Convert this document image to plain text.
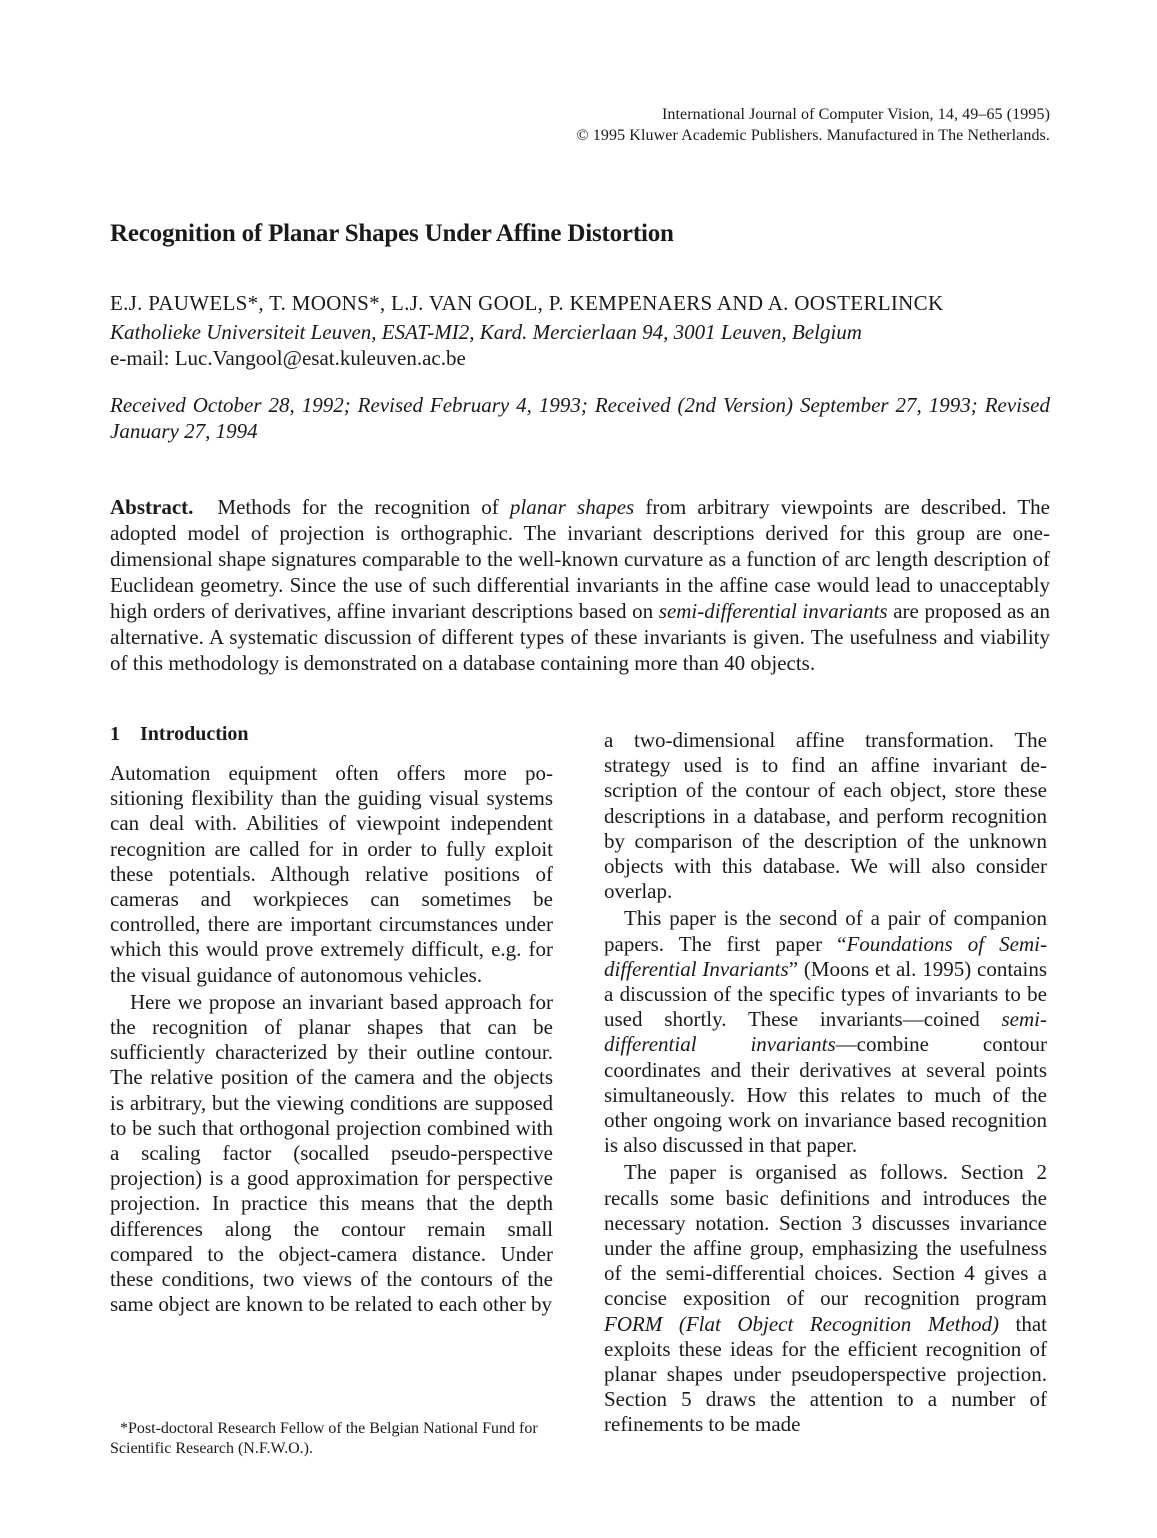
International Journal of Computer Vision, 14, 49–65 (1995)
© 1995 Kluwer Academic Publishers. Manufactured in The Netherlands.
Recognition of Planar Shapes Under Affine Distortion
E.J. PAUWELS*, T. MOONS*, L.J. VAN GOOL, P. KEMPENAERS AND A. OOSTERLINCK
Katholieke Universiteit Leuven, ESAT-MI2, Kard. Mercierlaan 94, 3001 Leuven, Belgium
e-mail: Luc.Vangool@esat.kuleuven.ac.be
Received October 28, 1992; Revised February 4, 1993; Received (2nd Version) September 27, 1993; Revised January 27, 1994
Abstract. Methods for the recognition of planar shapes from arbitrary viewpoints are described. The adopted model of projection is orthographic. The invariant descriptions derived for this group are one-dimensional shape signatures comparable to the well-known curvature as a function of arc length description of Euclidean geometry. Since the use of such differential invariants in the affine case would lead to unacceptably high orders of derivatives, affine invariant descriptions based on semi-differential invariants are proposed as an alternative. A systematic discussion of different types of these invariants is given. The usefulness and viability of this methodology is demonstrated on a database containing more than 40 objects.
1 Introduction

Automation equipment often offers more positioning flexibility than the guiding visual systems can deal with. Abilities of viewpoint independent recognition are called for in order to fully exploit these potentials. Although relative positions of cameras and workpieces can sometimes be controlled, there are important circumstances under which this would prove extremely difficult, e.g. for the visual guidance of autonomous vehicles.

Here we propose an invariant based approach for the recognition of planar shapes that can be sufficiently characterized by their outline contour. The relative position of the camera and the objects is arbitrary, but the viewing conditions are supposed to be such that orthogonal projection combined with a scaling factor (socalled pseudo-perspective projection) is a good approximation for perspective projection. In practice this means that the depth differences along the contour remain small compared to the object-camera distance. Under these conditions, two views of the contours of the same object are known to be related to each other by

a two-dimensional affine transformation. The strategy used is to find an affine invariant description of the contour of each object, store these descriptions in a database, and perform recognition by comparison of the description of the unknown objects with this database. We will also consider overlap.

This paper is the second of a pair of companion papers. The first paper “Foundations of Semi-differential Invariants” (Moons et al. 1995) contains a discussion of the specific types of invariants to be used shortly. These invariants—coined semi-differential invariants—combine contour coordinates and their derivatives at several points simultaneously. How this relates to much of the other ongoing work on invariance based recognition is also discussed in that paper.

The paper is organised as follows. Section 2 recalls some basic definitions and introduces the necessary notation. Section 3 discusses invariance under the affine group, emphasizing the usefulness of the semi-differential choices. Section 4 gives a concise exposition of our recognition program FORM (Flat Object Recognition Method) that exploits these ideas for the efficient recognition of planar shapes under pseudoperspective projection. Section 5 draws the attention to a number of refinements to be made

*Post-doctoral Research Fellow of the Belgian National Fund for Scientific Research (N.F.W.O.).
